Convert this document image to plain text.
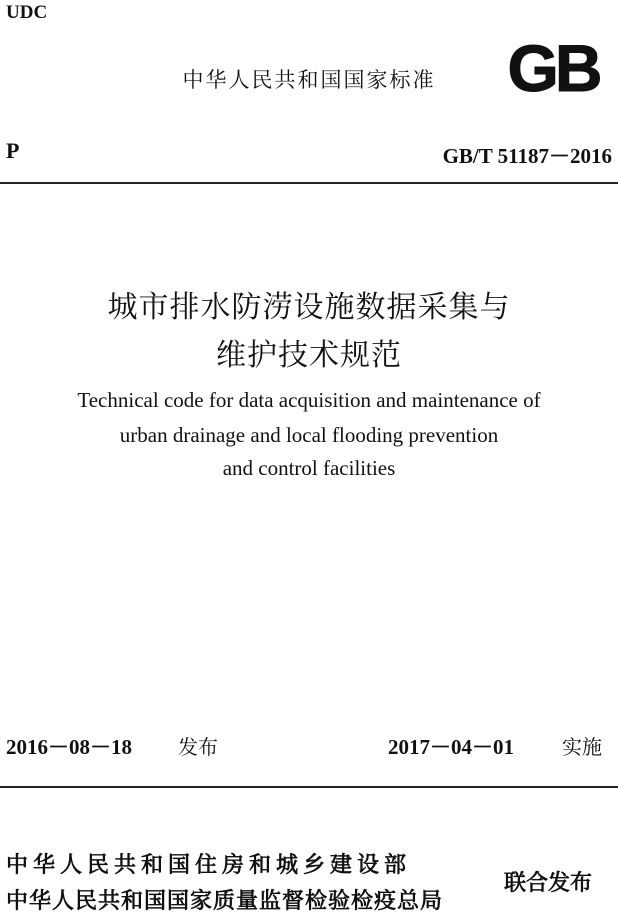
UDC
中华人民共和国国家标准	GB
P	GB/T 51187－2016
城市排水防涝设施数据采集与
维护技术规范
Technical code for data acquisition and maintenance of
urban drainage and local flooding prevention
and control facilities
2016－08－18 发布	2017－04－01 实施
中华人民共和国住房和城乡建设部
中华人民共和国国家质量监督检验检疫总局
联合发布
